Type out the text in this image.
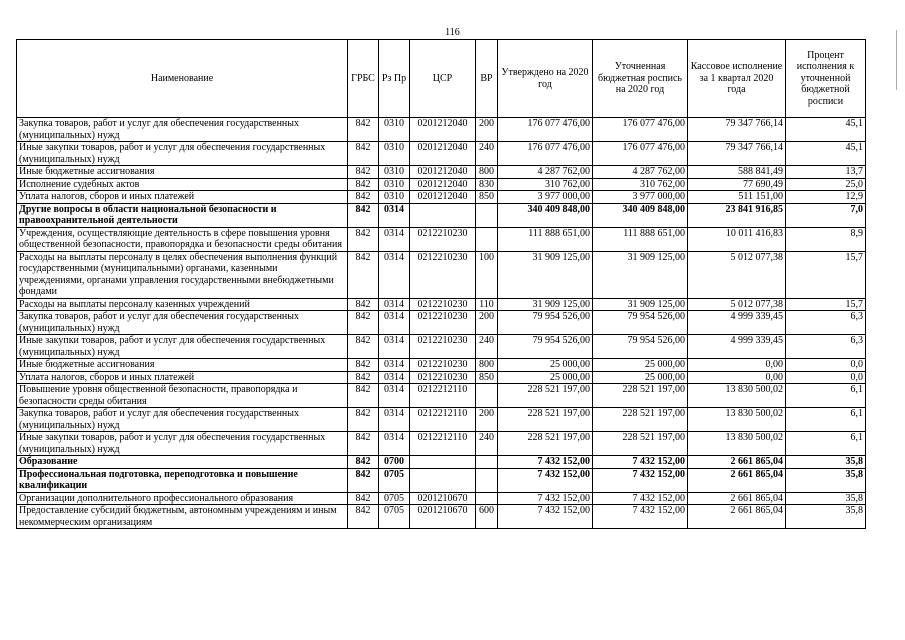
116
Наименование	ГРБС	Рз Пр	ЦСР	ВР	Утверждено на 2020 год	Уточненная бюджетная роспись на 2020 год	Кассовое исполнение за 1 квартал 2020 года	Процент исполнения к уточненной бюджетной росписи
Закупка товаров, работ и услуг для обеспечения государственных (муниципальных) нужд	842	0310	0201212040	200	176 077 476,00	176 077 476,00	79 347 766,14	45,1
Иные закупки товаров, работ и услуг для обеспечения государственных (муниципальных) нужд	842	0310	0201212040	240	176 077 476,00	176 077 476,00	79 347 766,14	45,1
Иные бюджетные ассигнования	842	0310	0201212040	800	4 287 762,00	4 287 762,00	588 841,49	13,7
Исполнение судебных актов	842	0310	0201212040	830	310 762,00	310 762,00	77 690,49	25,0
Уплата налогов, сборов и иных платежей	842	0310	0201212040	850	3 977 000,00	3 977 000,00	511 151,00	12,9
Другие вопросы в области национальной безопасности и правоохранительной деятельности	842	0314			340 409 848,00	340 409 848,00	23 841 916,85	7,0
Учреждения, осуществляющие деятельность в сфере повышения уровня общественной безопасности, правопорядка и безопасности среды обитания	842	0314	0212210230		111 888 651,00	111 888 651,00	10 011 416,83	8,9
Расходы на выплаты персоналу в целях обеспечения выполнения функций государственными (муниципальными) органами, казенными учреждениями, органами управления государственными внебюджетными фондами	842	0314	0212210230	100	31 909 125,00	31 909 125,00	5 012 077,38	15,7
Расходы на выплаты персоналу казенных учреждений	842	0314	0212210230	110	31 909 125,00	31 909 125,00	5 012 077,38	15,7
Закупка товаров, работ и услуг для обеспечения государственных (муниципальных) нужд	842	0314	0212210230	200	79 954 526,00	79 954 526,00	4 999 339,45	6,3
Иные закупки товаров, работ и услуг для обеспечения государственных (муниципальных) нужд	842	0314	0212210230	240	79 954 526,00	79 954 526,00	4 999 339,45	6,3
Иные бюджетные ассигнования	842	0314	0212210230	800	25 000,00	25 000,00	0,00	0,0
Уплата налогов, сборов и иных платежей	842	0314	0212210230	850	25 000,00	25 000,00	0,00	0,0
Повышение уровня общественной безопасности, правопорядка и безопасности среды обитания	842	0314	0212212110		228 521 197,00	228 521 197,00	13 830 500,02	6,1
Закупка товаров, работ и услуг для обеспечения государственных (муниципальных) нужд	842	0314	0212212110	200	228 521 197,00	228 521 197,00	13 830 500,02	6,1
Иные закупки товаров, работ и услуг для обеспечения государственных (муниципальных) нужд	842	0314	0212212110	240	228 521 197,00	228 521 197,00	13 830 500,02	6,1
Образование	842	0700			7 432 152,00	7 432 152,00	2 661 865,04	35,8
Профессиональная подготовка, переподготовка и повышение квалификации	842	0705			7 432 152,00	7 432 152,00	2 661 865,04	35,8
Организации дополнительного профессионального образования	842	0705	0201210670		7 432 152,00	7 432 152,00	2 661 865,04	35,8
Предоставление субсидий бюджетным, автономным учреждениям и иным некоммерческим организациям	842	0705	0201210670	600	7 432 152,00	7 432 152,00	2 661 865,04	35,8
